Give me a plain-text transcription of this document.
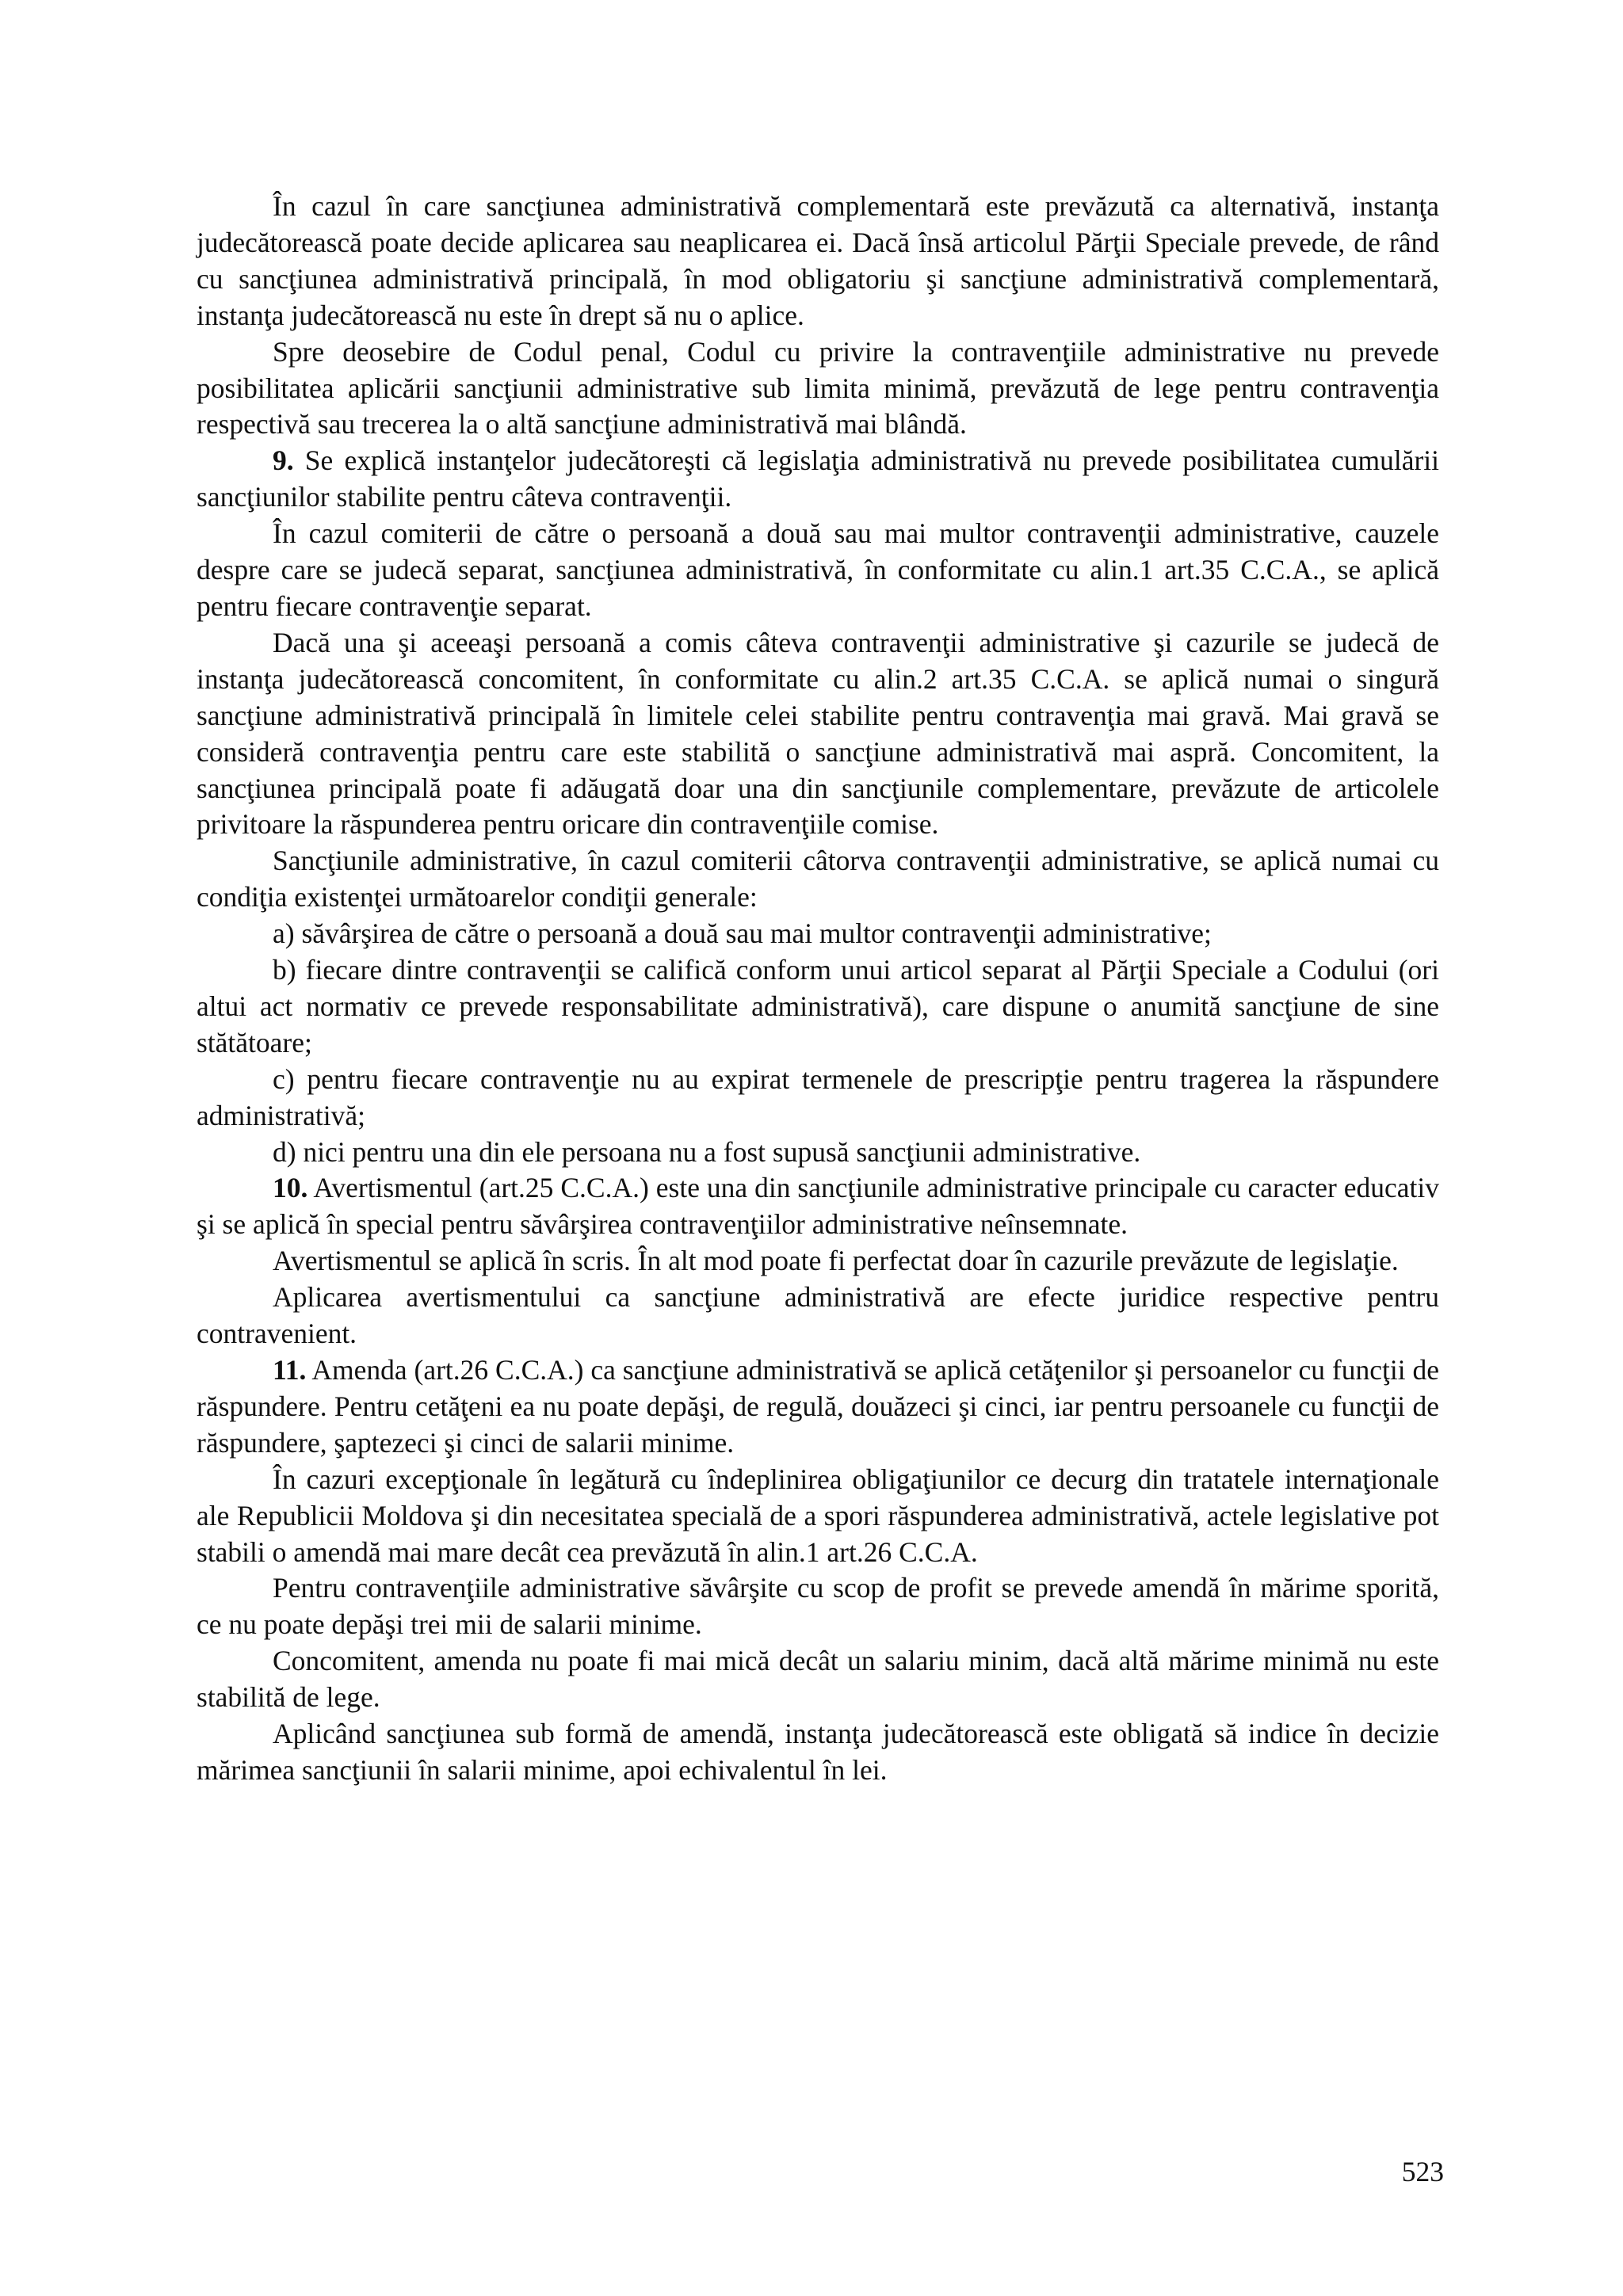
În cazul în care sancţiunea administrativă complementară este prevăzută ca alternativă, instanţa judecătorească poate decide aplicarea sau neaplicarea ei. Dacă însă articolul Părţii Speciale prevede, de rând cu sancţiunea administrativă principală, în mod obligatoriu şi sancţiune administrativă complementară, instanţa judecătorească nu este în drept să nu o aplice.

Spre deosebire de Codul penal, Codul cu privire la contravenţiile administrative nu prevede posibilitatea aplicării sancţiunii administrative sub limita minimă, prevăzută de lege pentru contravenţia respectivă sau trecerea la o altă sancţiune administrativă mai blândă.

9. Se explică instanţelor judecătoreşti că legislaţia administrativă nu prevede posibilitatea cumulării sancţiunilor stabilite pentru câteva contravenţii.

În cazul comiterii de către o persoană a două sau mai multor contravenţii administrative, cauzele despre care se judecă separat, sancţiunea administrativă, în conformitate cu alin.1 art.35 C.C.A., se aplică pentru fiecare contravenţie separat.

Dacă una şi aceeaşi persoană a comis câteva contravenţii administrative şi cazurile se judecă de instanţa judecătorească concomitent, în conformitate cu alin.2 art.35 C.C.A. se aplică numai o singură sancţiune administrativă principală în limitele celei stabilite pentru contravenţia mai gravă. Mai gravă se consideră contravenţia pentru care este stabilită o sancţiune administrativă mai aspră. Concomitent, la sancţiunea principală poate fi adăugată doar una din sancţiunile complementare, prevăzute de articolele privitoare la răspunderea pentru oricare din contravenţiile comise.

Sancţiunile administrative, în cazul comiterii câtorva contravenţii administrative, se aplică numai cu condiţia existenţei următoarelor condiţii generale:

a) săvârşirea de către o persoană a două sau mai multor contravenţii administrative;

b) fiecare dintre contravenţii se califică conform unui articol separat al Părţii Speciale a Codului (ori altui act normativ ce prevede responsabilitate administrativă), care dispune o anumită sancţiune de sine stătătoare;

c) pentru fiecare contravenţie nu au expirat termenele de prescripţie pentru tragerea la răspundere administrativă;

d) nici pentru una din ele persoana nu a fost supusă sancţiunii administrative.

10. Avertismentul (art.25 C.C.A.) este una din sancţiunile administrative principale cu caracter educativ şi se aplică în special pentru săvârşirea contravenţiilor administrative neînsemnate.

Avertismentul se aplică în scris. În alt mod poate fi perfectat doar în cazurile prevăzute de legislaţie.

Aplicarea avertismentului ca sancţiune administrativă are efecte juridice respective pentru contravenient.

11. Amenda (art.26 C.C.A.) ca sancţiune administrativă se aplică cetăţenilor şi persoanelor cu funcţii de răspundere. Pentru cetăţeni ea nu poate depăşi, de regulă, douăzeci şi cinci, iar pentru persoanele cu funcţii de răspundere, şaptezeci şi cinci de salarii minime.

În cazuri excepţionale în legătură cu îndeplinirea obligaţiunilor ce decurg din tratatele internaţionale ale Republicii Moldova şi din necesitatea specială de a spori răspunderea administrativă, actele legislative pot stabili o amendă mai mare decât cea prevăzută în alin.1 art.26 C.C.A.

Pentru contravenţiile administrative săvârşite cu scop de profit se prevede amendă în mărime sporită, ce nu poate depăşi trei mii de salarii minime.

Concomitent, amenda nu poate fi mai mică decât un salariu minim, dacă altă mărime minimă nu este stabilită de lege.

Aplicând sancţiunea sub formă de amendă, instanţa judecătorească este obligată să indice în decizie mărimea sancţiunii în salarii minime, apoi echivalentul în lei.

523
